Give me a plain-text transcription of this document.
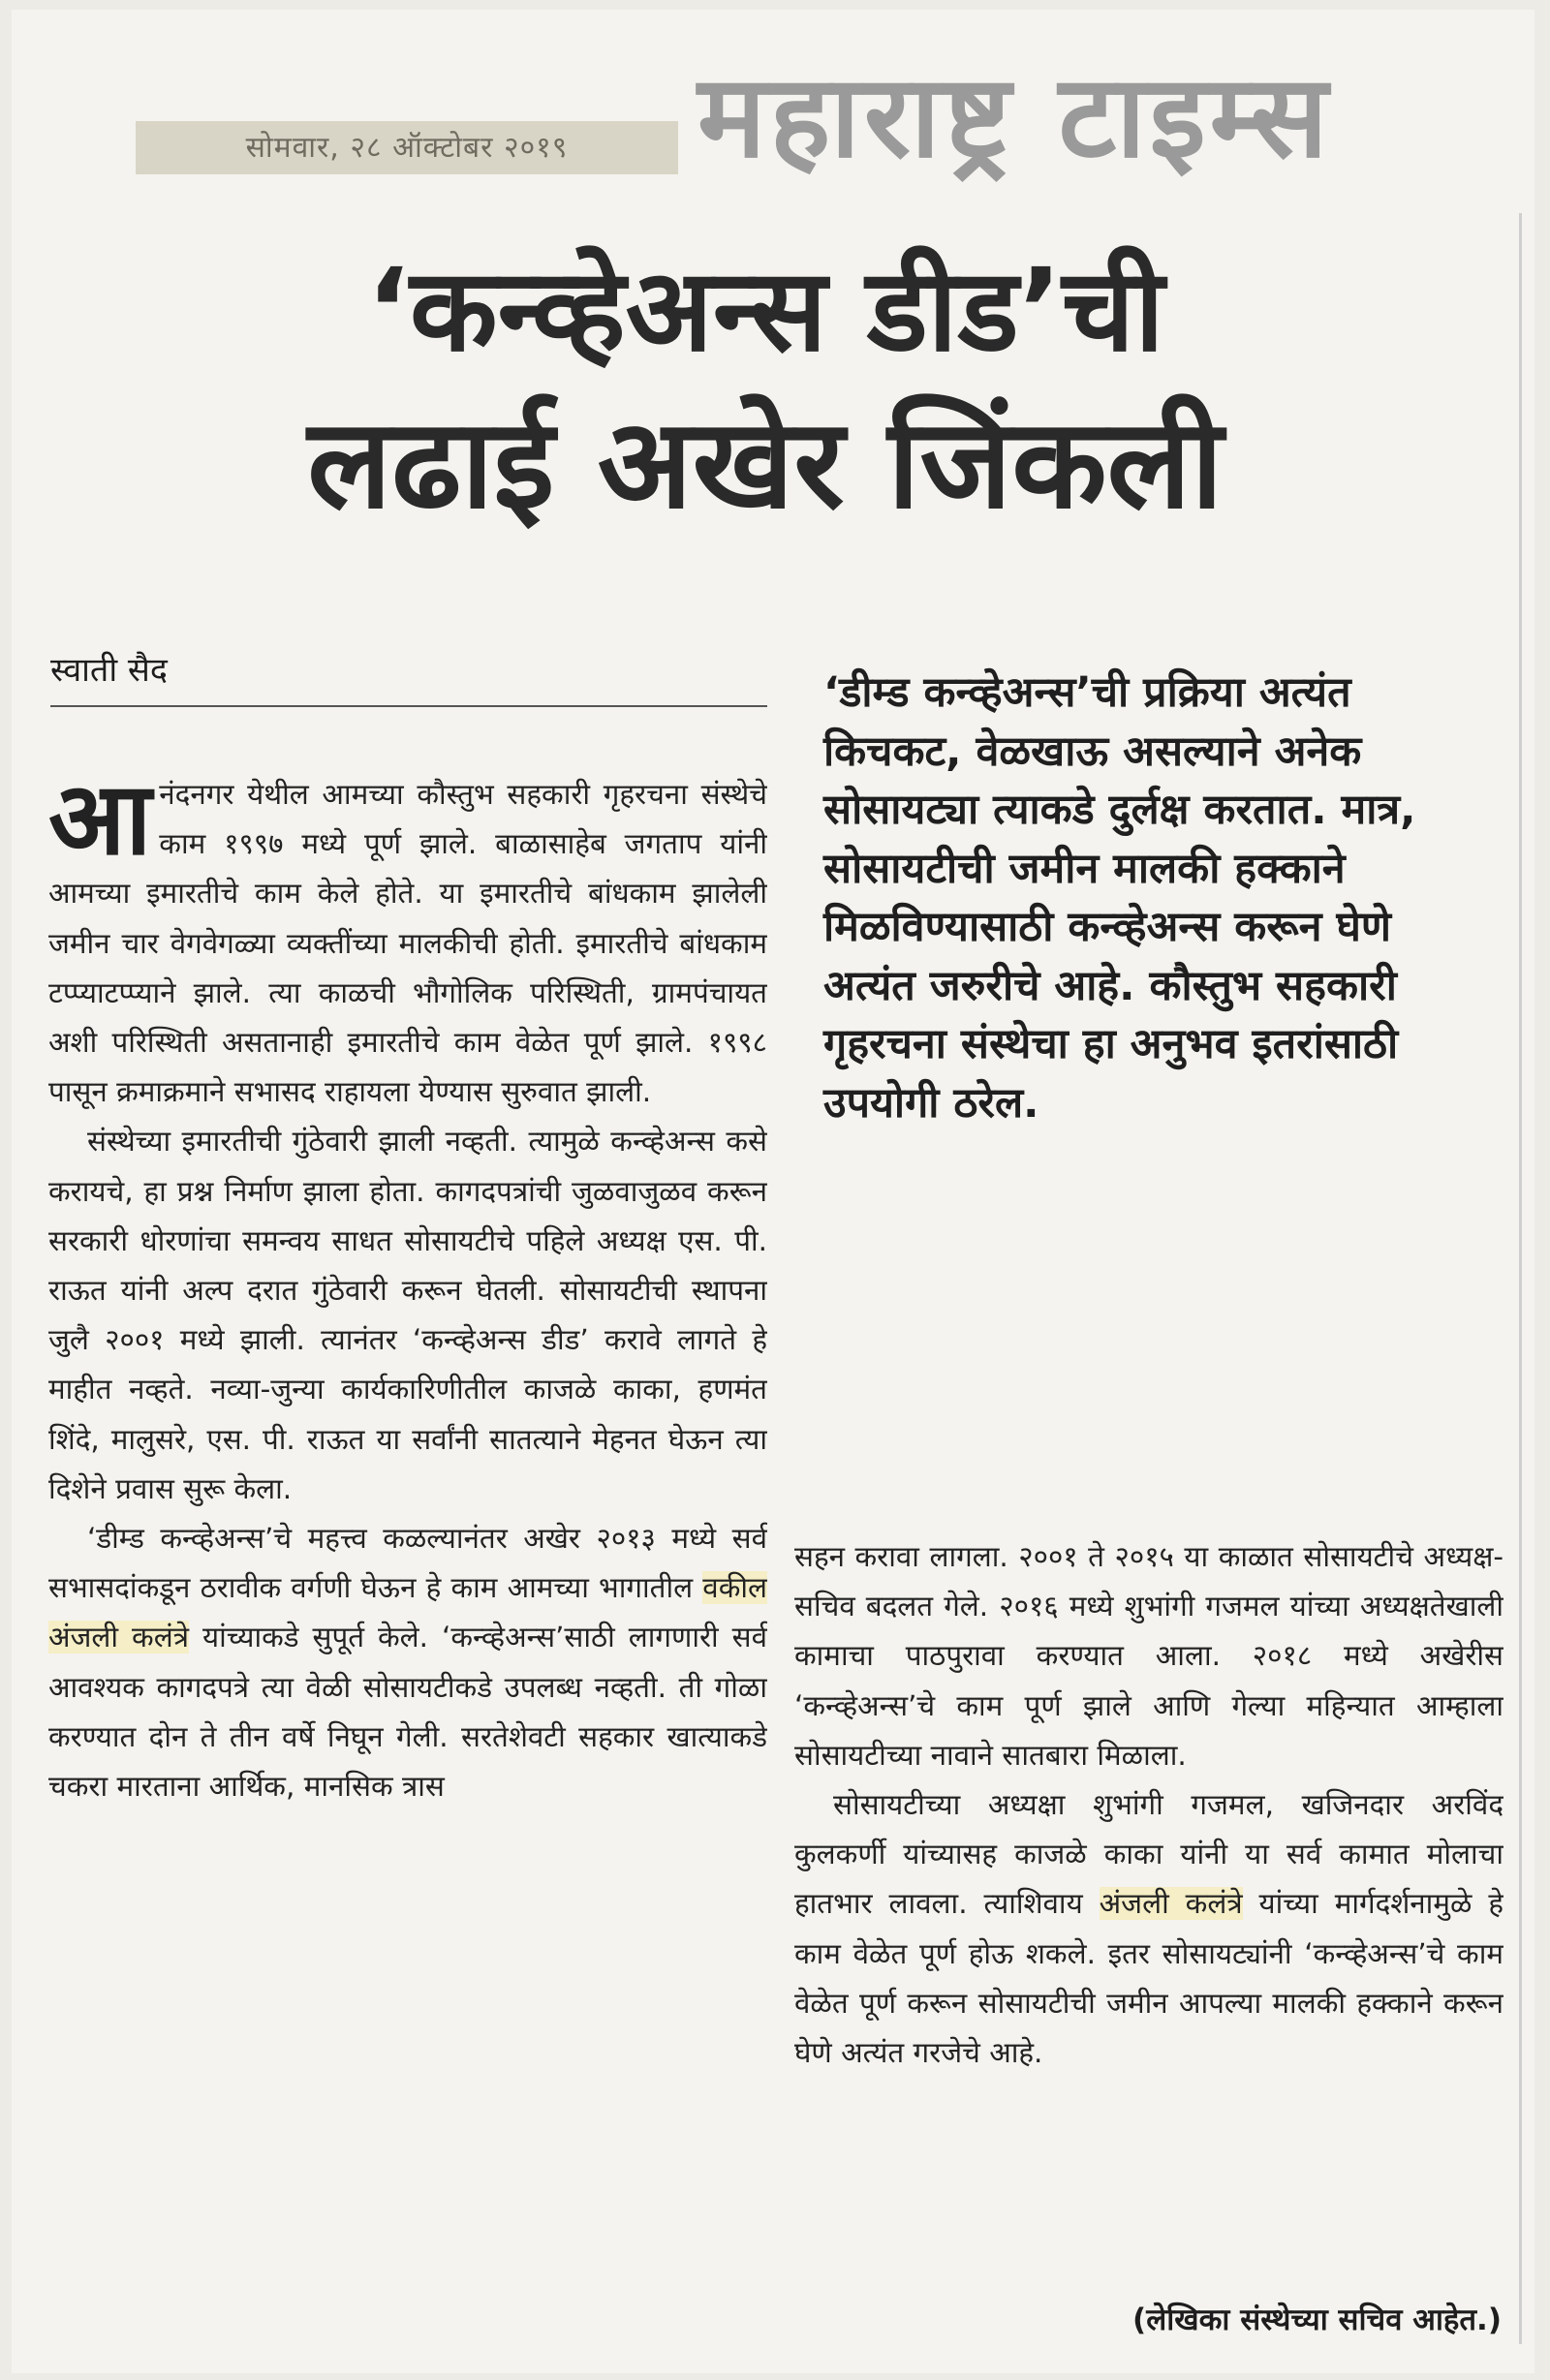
सोमवार, २८ ऑक्टोबर २०१९	महाराष्ट्र टाइम्स
‘कन्व्हेअन्स डीड’ची
लढाई अखेर जिंकली
स्वाती सैद

आनंदनगर येथील आमच्या कौस्तुभ सहकारी गृहरचना संस्थेचे काम १९९७ मध्ये पूर्ण झाले. बाळासाहेब जगताप यांनी आमच्या इमारतीचे काम केले होते. या इमारतीचे बांधकाम झालेली जमीन चार वेगवेगळ्या व्यक्तींच्या मालकीची होती. इमारतीचे बांधकाम टप्प्याटप्प्याने झाले. त्या काळची भौगोलिक परिस्थिती, ग्रामपंचायत अशी परिस्थिती असतानाही इमारतीचे काम वेळेत पूर्ण झाले. १९९८ पासून क्रमाक्रमाने सभासद राहायला येण्यास सुरुवात झाली.

संस्थेच्या इमारतीची गुंठेवारी झाली नव्हती. त्यामुळे कन्व्हेअन्स कसे करायचे, हा प्रश्न निर्माण झाला होता. कागदपत्रांची जुळवाजुळव करून सरकारी धोरणांचा समन्वय साधत सोसायटीचे पहिले अध्यक्ष एस. पी. राऊत यांनी अल्प दरात गुंठेवारी करून घेतली. सोसायटीची स्थापना जुलै २००१ मध्ये झाली. त्यानंतर ‘कन्व्हेअन्स डीड’ करावे लागते हे माहीत नव्हते. नव्या-जुन्या कार्यकारिणीतील काजळे काका, हणमंत शिंदे, मालुसरे, एस. पी. राऊत या सर्वांनी सातत्याने मेहनत घेऊन त्या दिशेने प्रवास सुरू केला.

‘डीम्ड कन्व्हेअन्स’चे महत्त्व कळल्यानंतर अखेर २०१३ मध्ये सर्व सभासदांकडून ठरावीक वर्गणी घेऊन हे काम आमच्या भागातील वकील अंजली कलंत्रे यांच्याकडे सुपूर्त केले. ‘कन्व्हेअन्स’साठी लागणारी सर्व आवश्यक कागदपत्रे त्या वेळी सोसायटीकडे उपलब्ध नव्हती. ती गोळा करण्यात दोन ते तीन वर्षे निघून गेली. सरतेशेवटी सहकार खात्याकडे चकरा मारताना आर्थिक, मानसिक त्रास

‘डीम्ड कन्व्हेअन्स’ची प्रक्रिया अत्यंत किचकट, वेळखाऊ असल्याने अनेक सोसायट्या त्याकडे दुर्लक्ष करतात. मात्र, सोसायटीची जमीन मालकी हक्काने मिळविण्यासाठी कन्व्हेअन्स करून घेणे अत्यंत जरुरीचे आहे. कौस्तुभ सहकारी गृहरचना संस्थेचा हा अनुभव इतरांसाठी उपयोगी ठरेल.

सहन करावा लागला. २००१ ते २०१५ या काळात सोसायटीचे अध्यक्ष-सचिव बदलत गेले. २०१६ मध्ये शुभांगी गजमल यांच्या अध्यक्षतेखाली कामाचा पाठपुरावा करण्यात आला. २०१८ मध्ये अखेरीस ‘कन्व्हेअन्स’चे काम पूर्ण झाले आणि गेल्या महिन्यात आम्हाला सोसायटीच्या नावाने सातबारा मिळाला.

सोसायटीच्या अध्यक्षा शुभांगी गजमल, खजिनदार अरविंद कुलकर्णी यांच्यासह काजळे काका यांनी या सर्व कामात मोलाचा हातभार लावला. त्याशिवाय अंजली कलंत्रे यांच्या मार्गदर्शनामुळे हे काम वेळेत पूर्ण होऊ शकले. इतर सोसायट्यांनी ‘कन्व्हेअन्स’चे काम वेळेत पूर्ण करून सोसायटीची जमीन आपल्या मालकी हक्काने करून घेणे अत्यंत गरजेचे आहे.

(लेखिका संस्थेच्या सचिव आहेत.)
